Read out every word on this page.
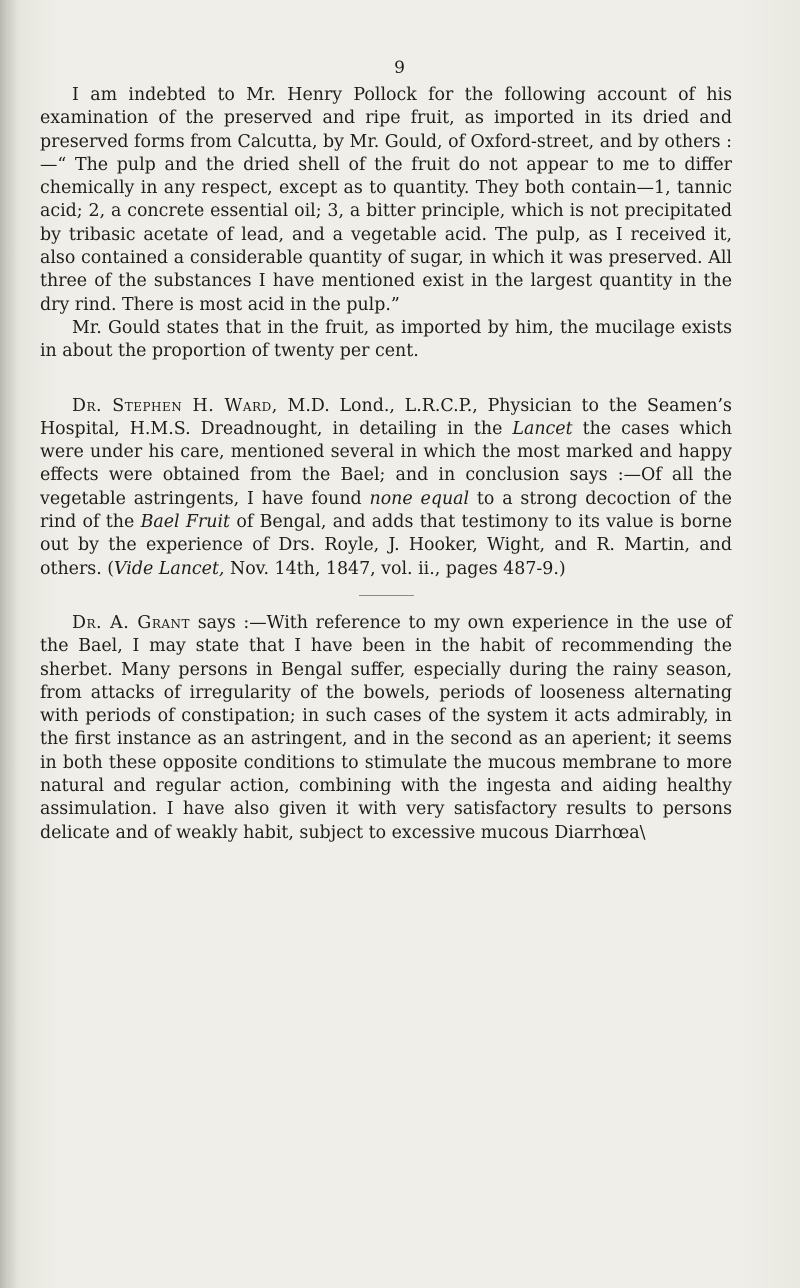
9

I am indebted to Mr. Henry Pollock for the following account of his examination of the preserved and ripe fruit, as imported in its dried and preserved forms from Calcutta, by Mr. Gould, of Oxford-street, and by others :—“ The pulp and the dried shell of the fruit do not appear to me to differ chemically in any respect, except as to quantity. They both contain—1, tannic acid; 2, a concrete essential oil; 3, a bitter principle, which is not precipitated by tribasic acetate of lead, and a vegetable acid. The pulp, as I received it, also contained a considerable quantity of sugar, in which it was preserved. All three of the substances I have mentioned exist in the largest quantity in the dry rind. There is most acid in the pulp.”

Mr. Gould states that in the fruit, as imported by him, the mucilage exists in about the proportion of twenty per cent.

Dr. Stephen H. Ward, M.D. Lond., L.R.C.P., Physician to the Seamen’s Hospital, H.M.S. Dreadnought, in detailing in the Lancet the cases which were under his care, mentioned several in which the most marked and happy effects were obtained from the Bael; and in conclusion says :—Of all the vegetable astringents, I have found none equal to a strong decoction of the rind of the Bael Fruit of Bengal, and adds that testimony to its value is borne out by the experience of Drs. Royle, J. Hooker, Wight, and R. Martin, and others. (Vide Lancet, Nov. 14th, 1847, vol. ii., pages 487-9.)

Dr. A. Grant says :—With reference to my own experience in the use of the Bael, I may state that I have been in the habit of recommending the sherbet. Many persons in Bengal suffer, especially during the rainy season, from attacks of irregularity of the bowels, periods of looseness alternating with periods of constipation; in such cases of the system it acts admirably, in the first instance as an astringent, and in the second as an aperient; it seems in both these opposite conditions to stimulate the mucous membrane to more natural and regular action, combining with the ingesta and aiding healthy assimulation. I have also given it with very satisfactory results to persons delicate and of weakly habit, subject to excessive mucous Diarrhœa\
